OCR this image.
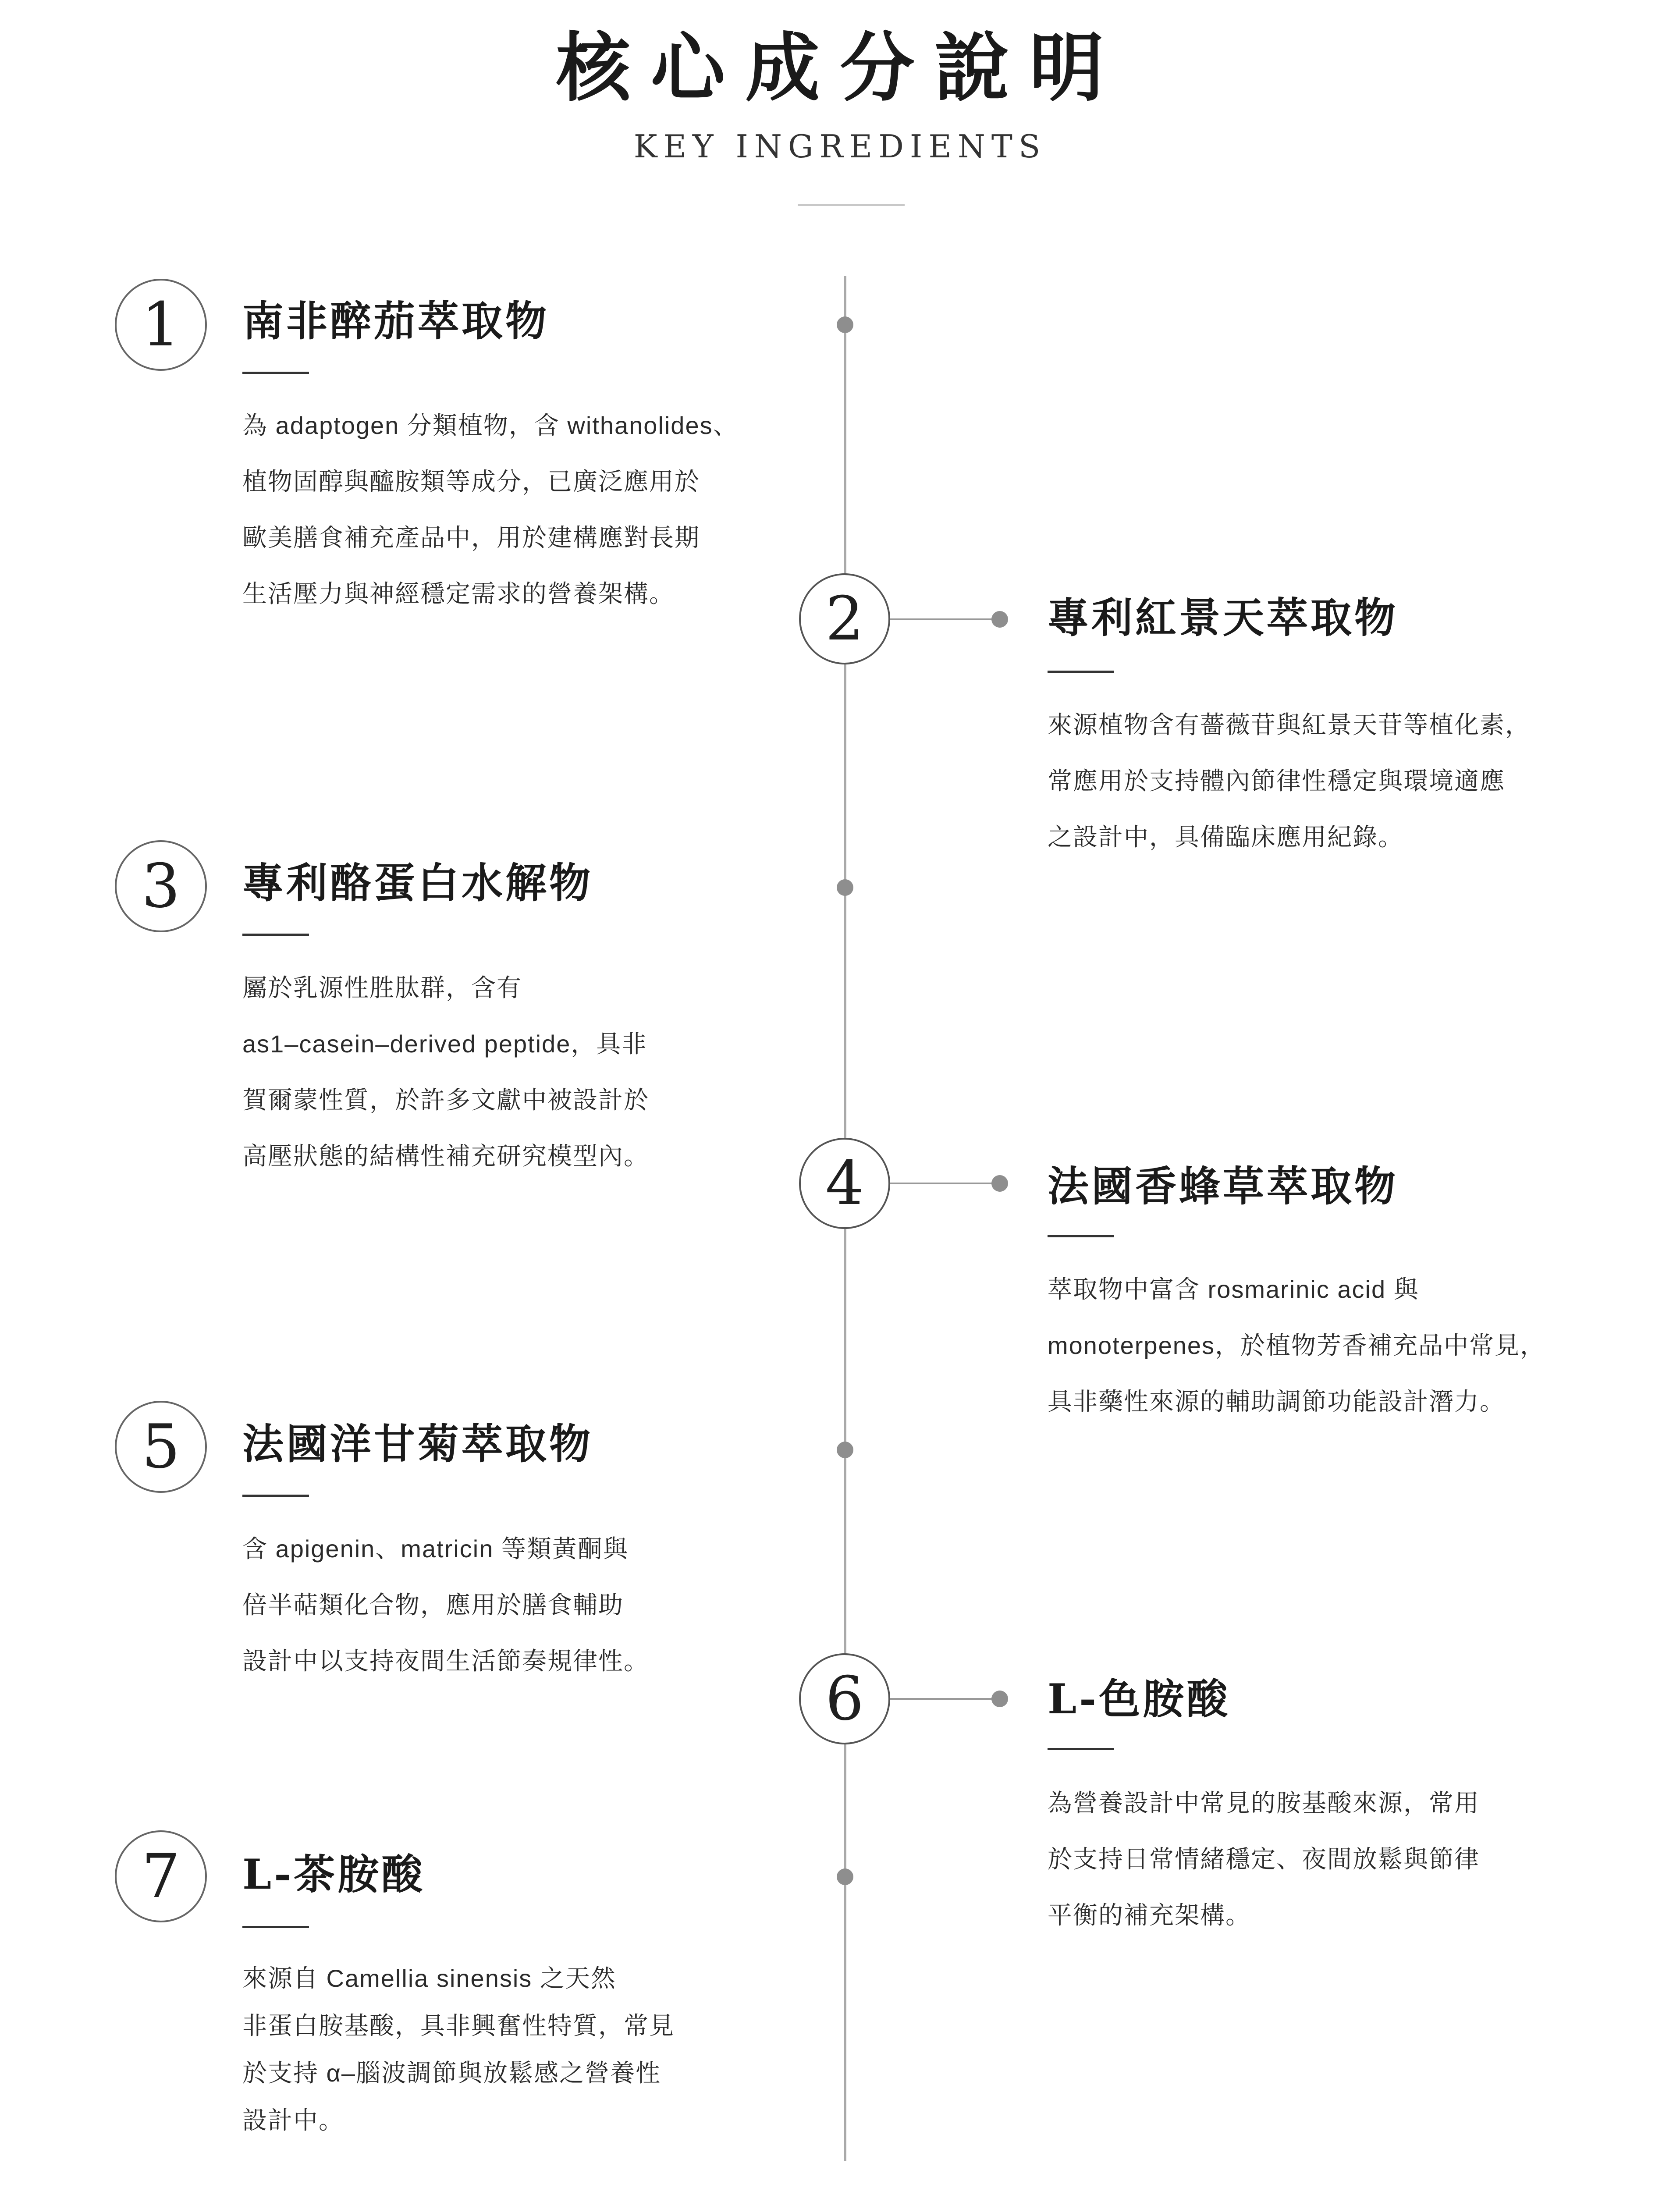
核心成分說明
KEY INGREDIENTS
1	南非醉茄萃取物
為 adaptogen 分類植物，含 withanolides、
植物固醇與醯胺類等成分，已廣泛應用於
歐美膳食補充產品中，用於建構應對長期
生活壓力與神經穩定需求的營養架構。	2	專利紅景天萃取物
來源植物含有薔薇苷與紅景天苷等植化素，
常應用於支持體內節律性穩定與環境適應
之設計中，具備臨床應用紀錄。
3	專利酪蛋白水解物
屬於乳源性胜肽群，含有
as1–casein–derived peptide，具非
賀爾蒙性質，於許多文獻中被設計於
高壓狀態的結構性補充研究模型內。	4	法國香蜂草萃取物
萃取物中富含 rosmarinic acid 與
monoterpenes，於植物芳香補充品中常見，
具非藥性來源的輔助調節功能設計潛力。
5	法國洋甘菊萃取物
含 apigenin、matricin 等類黃酮與
倍半萜類化合物，應用於膳食輔助
設計中以支持夜間生活節奏規律性。
6	L-色胺酸
為營養設計中常見的胺基酸來源，常用
於支持日常情緒穩定、夜間放鬆與節律
平衡的補充架構。
7	L-茶胺酸
來源自 Camellia sinensis 之天然
非蛋白胺基酸，具非興奮性特質，常見
於支持 α–腦波調節與放鬆感之營養性
設計中。
